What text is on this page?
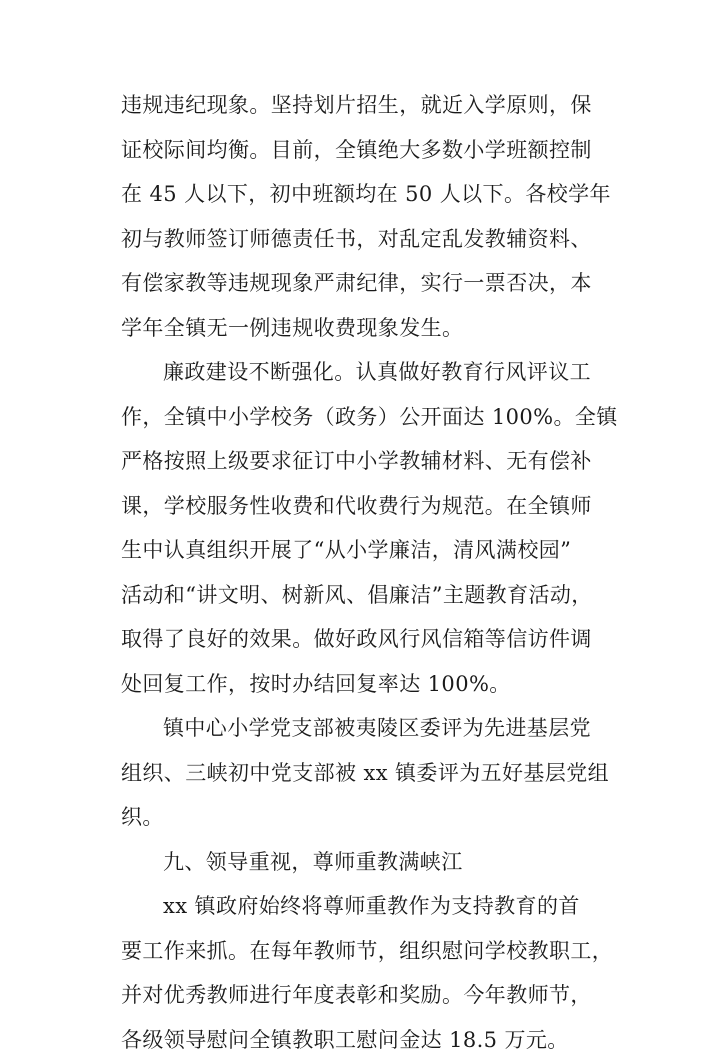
违规违纪现象。坚持划片招生，就近入学原则，保
证校际间均衡。目前，全镇绝大多数小学班额控制
在 45 人以下，初中班额均在 50 人以下。各校学年
初与教师签订师德责任书，对乱定乱发教辅资料、
有偿家教等违规现象严肃纪律，实行一票否决，本
学年全镇无一例违规收费现象发生。

廉政建设不断强化。认真做好教育行风评议工
作，全镇中小学校务（政务）公开面达 100%。全镇
严格按照上级要求征订中小学教辅材料、无有偿补
课，学校服务性收费和代收费行为规范。在全镇师
生中认真组织开展了“从小学廉洁，清风满校园”
活动和“讲文明、树新风、倡廉洁”主题教育活动，
取得了良好的效果。做好政风行风信箱等信访件调
处回复工作，按时办结回复率达 100%。

镇中心小学党支部被夷陵区委评为先进基层党
组织、三峡初中党支部被 xx 镇委评为五好基层党组
织。

九、领导重视，尊师重教满峡江

xx 镇政府始终将尊师重教作为支持教育的首
要工作来抓。在每年教师节，组织慰问学校教职工，
并对优秀教师进行年度表彰和奖励。今年教师节，
各级领导慰问全镇教职工慰问金达 18.5 万元。
